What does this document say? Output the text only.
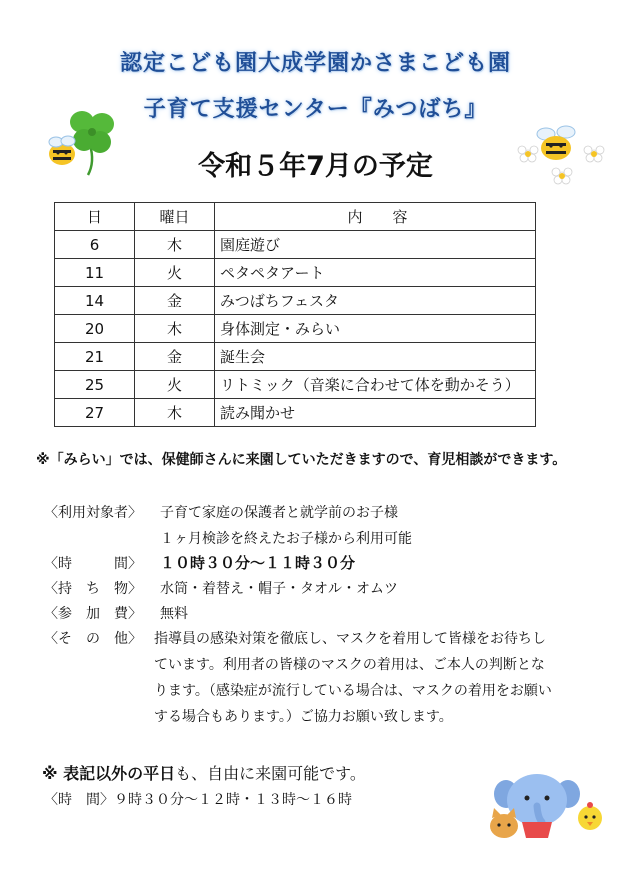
認定こども園大成学園かさまこども園
子育て支援センター『みつばち』
令和５年7月の予定
日	曜日	内　　容
6	木	園庭遊び
11	火	ペタペタアート
14	金	みつばちフェスタ
20	木	身体測定・みらい
21	金	誕生会
25	火	リトミック（音楽に合わせて体を動かそう）
27	木	読み聞かせ
※「みらい」では、保健師さんに来園していただきますので、育児相談ができます。
〈利用対象者〉 子育て家庭の保護者と就学前のお子様
１ヶ月検診を終えたお子様から利用可能
〈時　　　間〉 １０時３０分～１１時３０分
〈持　ち　物〉 水筒・着替え・帽子・タオル・オムツ
〈参　加　費〉 無料
〈そ　の　他〉 指導員の感染対策を徹底し、マスクを着用して皆様をお待ちし
ています。利用者の皆様のマスクの着用は、ご本人の判断とな
ります。（感染症が流行している場合は、マスクの着用をお願い
する場合もあります。）ご協力お願い致します。
※ 表記以外の平日も、自由に来園可能です。
〈時　間〉９時３０分～１２時・１３時～１６時
